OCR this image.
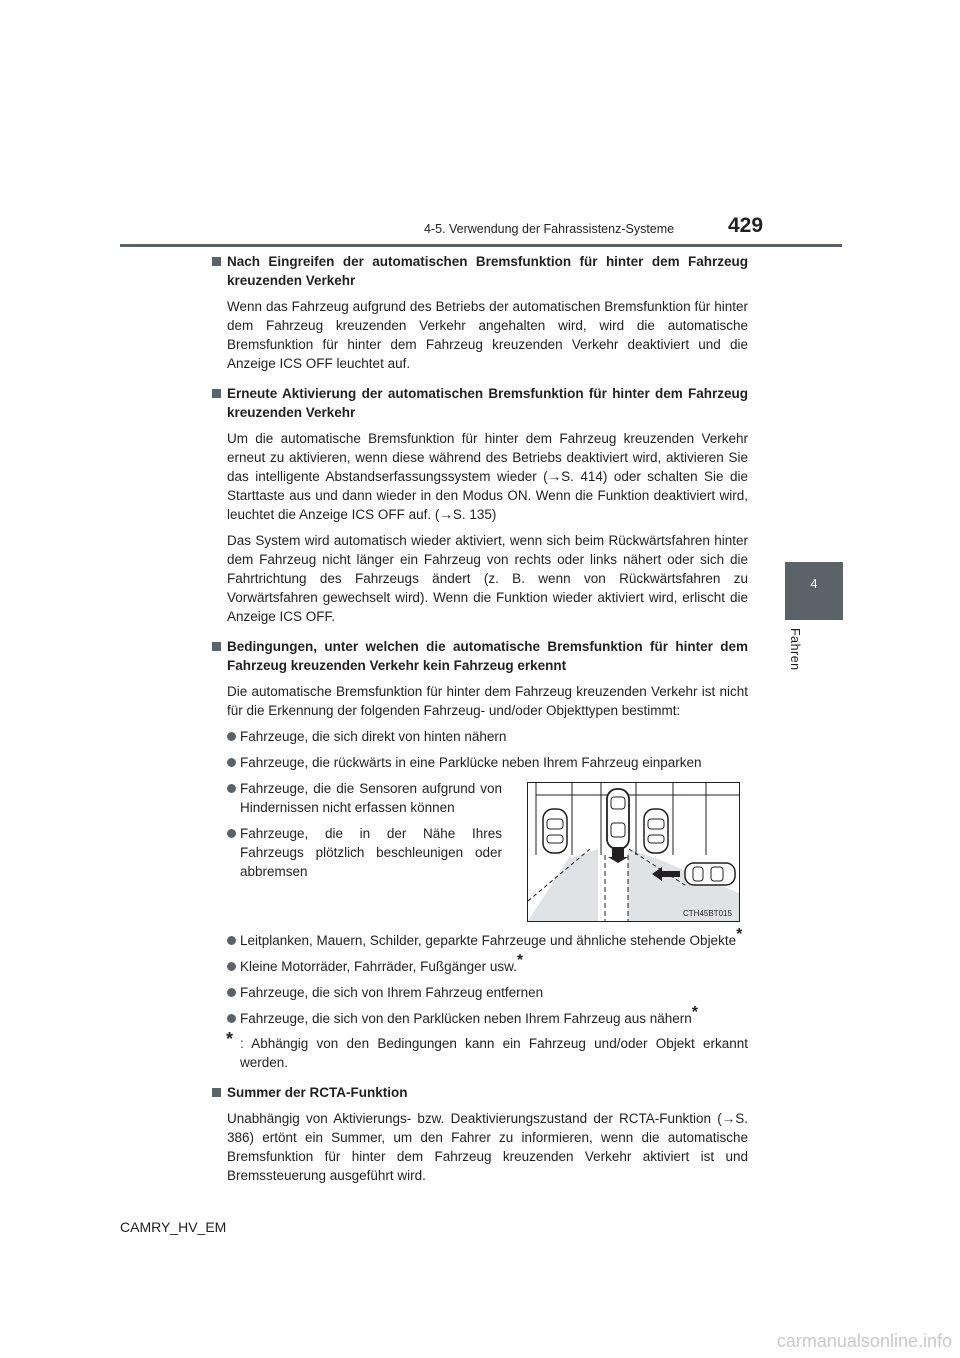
4-5. Verwendung der Fahrassistenz-Systeme	429
4
Fahren
Nach Eingreifen der automatischen Bremsfunktion für hinter dem Fahrzeug kreuzenden Verkehr
Wenn das Fahrzeug aufgrund des Betriebs der automatischen Bremsfunktion für hinter dem Fahrzeug kreuzenden Verkehr angehalten wird, wird die automatische Bremsfunktion für hinter dem Fahrzeug kreuzenden Verkehr deaktiviert und die Anzeige ICS OFF leuchtet auf.
Erneute Aktivierung der automatischen Bremsfunktion für hinter dem Fahrzeug kreuzenden Verkehr
Um die automatische Bremsfunktion für hinter dem Fahrzeug kreuzenden Verkehr erneut zu aktivieren, wenn diese während des Betriebs deaktiviert wird, aktivieren Sie das intelligente Abstandserfassungssystem wieder (→S. 414) oder schalten Sie die Starttaste aus und dann wieder in den Modus ON. Wenn die Funktion deaktiviert wird, leuchtet die Anzeige ICS OFF auf. (→S. 135)
Das System wird automatisch wieder aktiviert, wenn sich beim Rückwärtsfahren hinter dem Fahrzeug nicht länger ein Fahrzeug von rechts oder links nähert oder sich die Fahrtrichtung des Fahrzeugs ändert (z. B. wenn von Rückwärtsfahren zu Vorwärtsfahren gewechselt wird). Wenn die Funktion wieder aktiviert wird, erlischt die Anzeige ICS OFF.
Bedingungen, unter welchen die automatische Bremsfunktion für hinter dem Fahrzeug kreuzenden Verkehr kein Fahrzeug erkennt
Die automatische Bremsfunktion für hinter dem Fahrzeug kreuzenden Verkehr ist nicht für die Erkennung der folgenden Fahrzeug- und/oder Objekttypen bestimmt:
Fahrzeuge, die sich direkt von hinten nähern
Fahrzeuge, die rückwärts in eine Parklücke neben Ihrem Fahrzeug einparken
Fahrzeuge, die die Sensoren aufgrund von Hindernissen nicht erfassen können
Fahrzeuge, die in der Nähe Ihres Fahrzeugs plötzlich beschleunigen oder abbremsen
CTH45BT015
Leitplanken, Mauern, Schilder, geparkte Fahrzeuge und ähnliche stehende Objekte*
Kleine Motorräder, Fahrräder, Fußgänger usw.*
Fahrzeuge, die sich von Ihrem Fahrzeug entfernen
Fahrzeuge, die sich von den Parklücken neben Ihrem Fahrzeug aus nähern*
* : Abhängig von den Bedingungen kann ein Fahrzeug und/oder Objekt erkannt werden.
Summer der RCTA-Funktion
Unabhängig von Aktivierungs- bzw. Deaktivierungszustand der RCTA-Funktion (→S. 386) ertönt ein Summer, um den Fahrer zu informieren, wenn die automatische Bremsfunktion für hinter dem Fahrzeug kreuzenden Verkehr aktiviert ist und Bremssteuerung ausgeführt wird.
CAMRY_HV_EM
carmanualsonline.info
